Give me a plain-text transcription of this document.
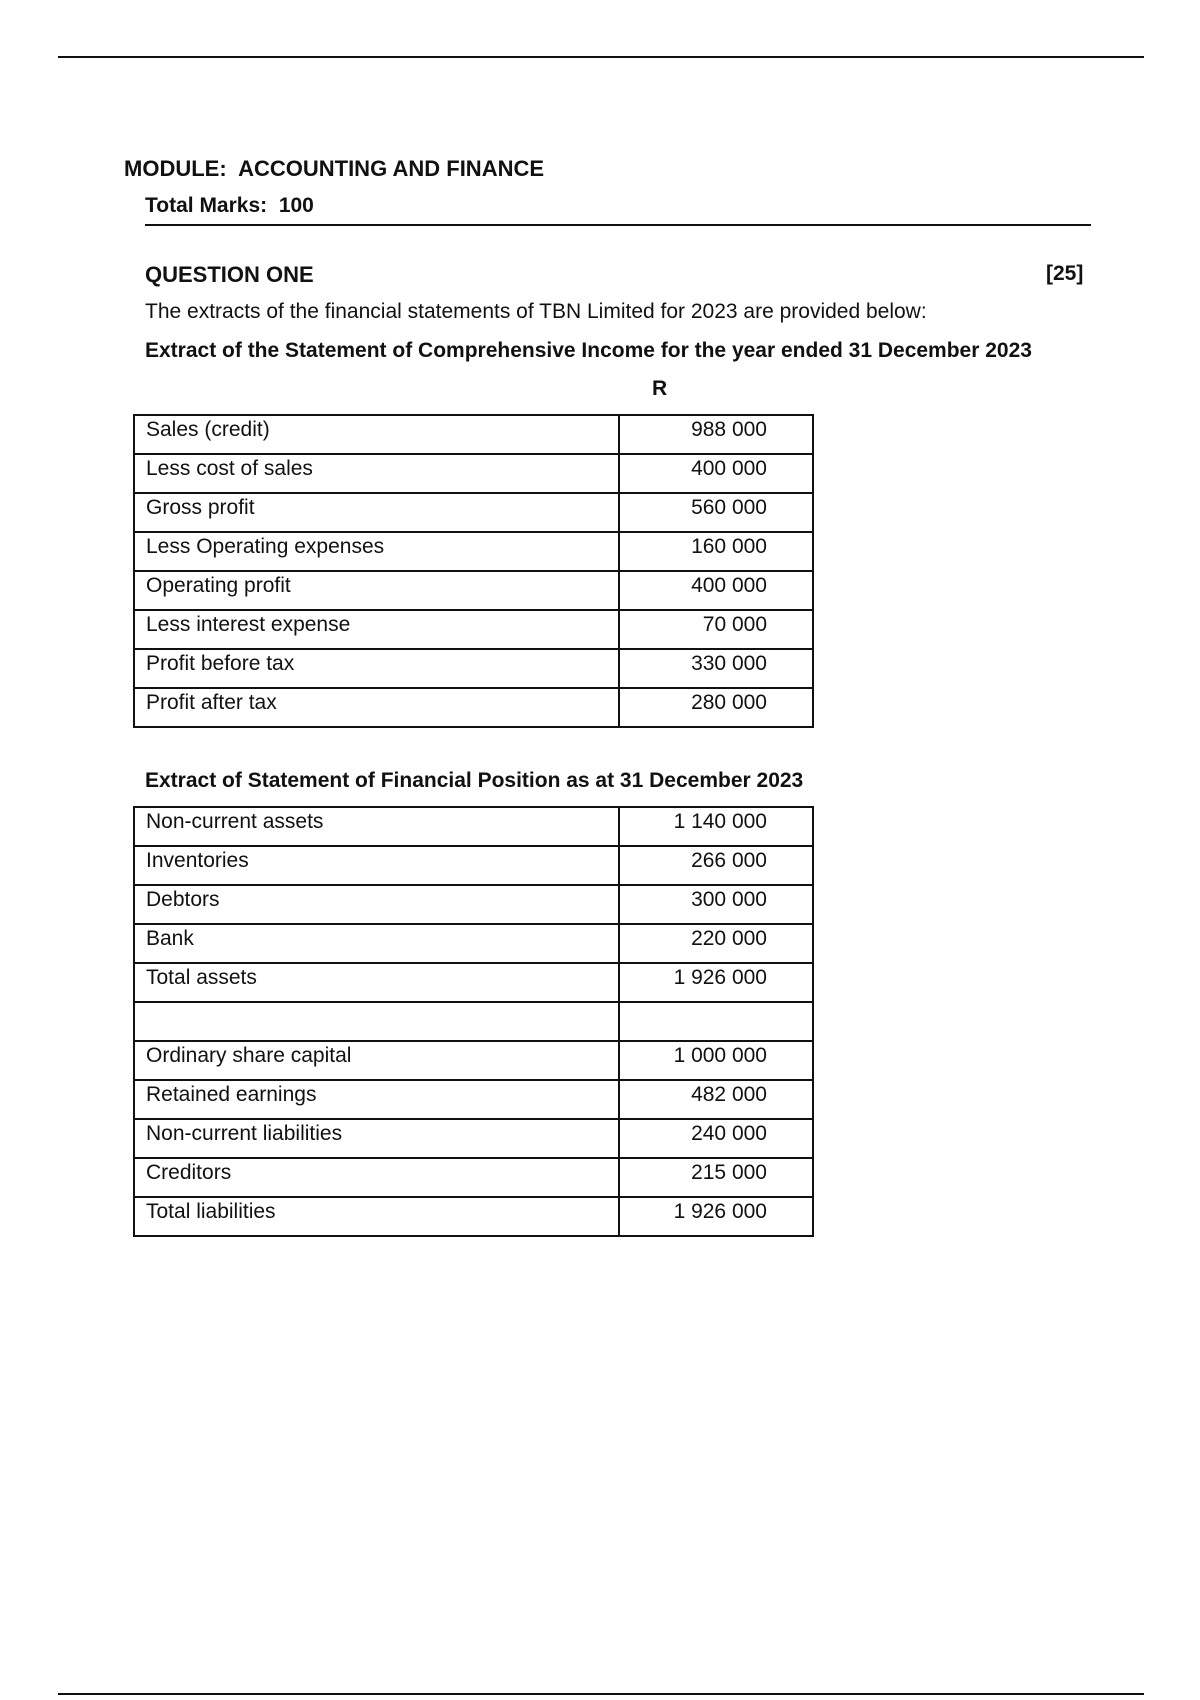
MODULE: ACCOUNTING AND FINANCE
Total Marks: 100
QUESTION ONE	[25]
The extracts of the financial statements of TBN Limited for 2023 are provided below:
Extract of the Statement of Comprehensive Income for the year ended 31 December 2023
R
Sales (credit)	988 000
Less cost of sales	400 000
Gross profit	560 000
Less Operating expenses	160 000
Operating profit	400 000
Less interest expense	70 000
Profit before tax	330 000
Profit after tax	280 000
Extract of Statement of Financial Position as at 31 December 2023
Non-current assets	1 140 000
Inventories	266 000
Debtors	300 000
Bank	220 000
Total assets	1 926 000

Ordinary share capital	1 000 000
Retained earnings	482 000
Non-current liabilities	240 000
Creditors	215 000
Total liabilities	1 926 000
